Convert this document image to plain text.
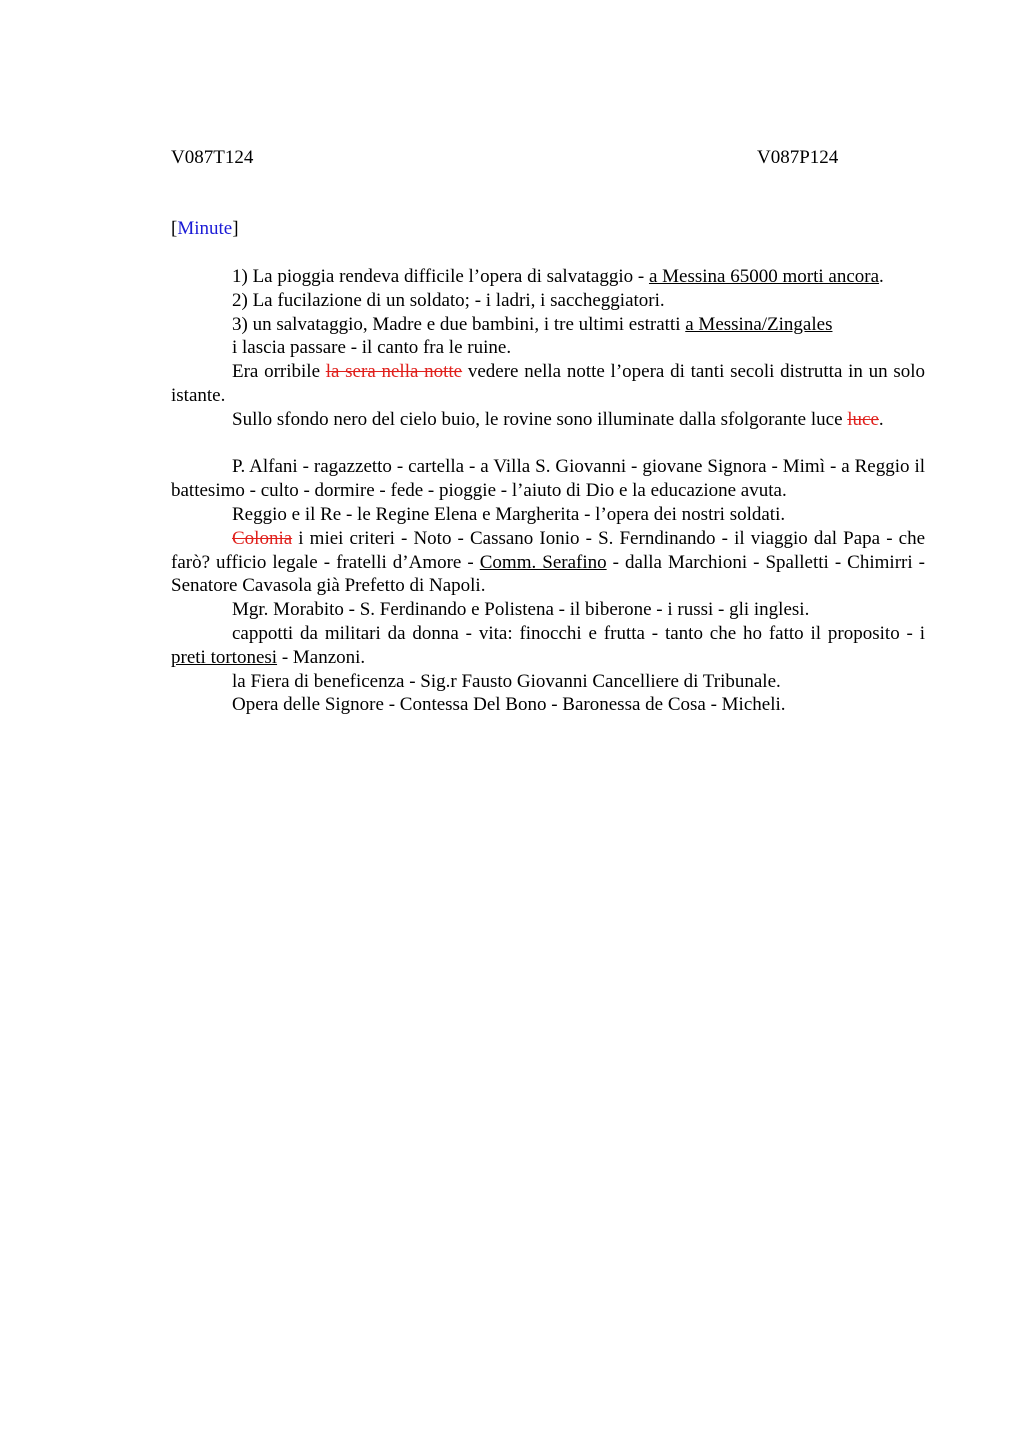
V087T124	V087P124
[Minute]

1) La pioggia rendeva difficile l’opera di salvataggio - a Messina 65000 morti ancora.

2) La fucilazione di un soldato; - i ladri, i saccheggiatori.

3) un salvataggio, Madre e due bambini, i tre ultimi estratti a Messina/Zingales

i lascia passare - il canto fra le ruine.

Era orribile la sera nella notte vedere nella notte l’opera di tanti secoli distrutta in un solo istante.

Sullo sfondo nero del cielo buio, le rovine sono illuminate dalla sfolgorante luce luce.

P. Alfani - ragazzetto - cartella - a Villa S. Giovanni - giovane Signora - Mimì - a Reggio il battesimo - culto - dormire - fede - pioggie - l’aiuto di Dio e la educazione avuta.

Reggio e il Re - le Regine Elena e Margherita - l’opera dei nostri soldati.

Colonia i miei criteri - Noto - Cassano Ionio - S. Ferndinando - il viaggio dal Papa - che farò? ufficio legale - fratelli d’Amore - Comm. Serafino - dalla Marchioni - Spalletti - Chimirri - Senatore Cavasola già Prefetto di Napoli.

Mgr. Morabito - S. Ferdinando e Polistena - il biberone - i russi - gli inglesi.

cappotti da militari da donna - vita: finocchi e frutta - tanto che ho fatto il proposito - i preti tortonesi - Manzoni.

la Fiera di beneficenza - Sig.r Fausto Giovanni Cancelliere di Tribunale.

Opera delle Signore - Contessa Del Bono - Baronessa de Cosa - Micheli.
